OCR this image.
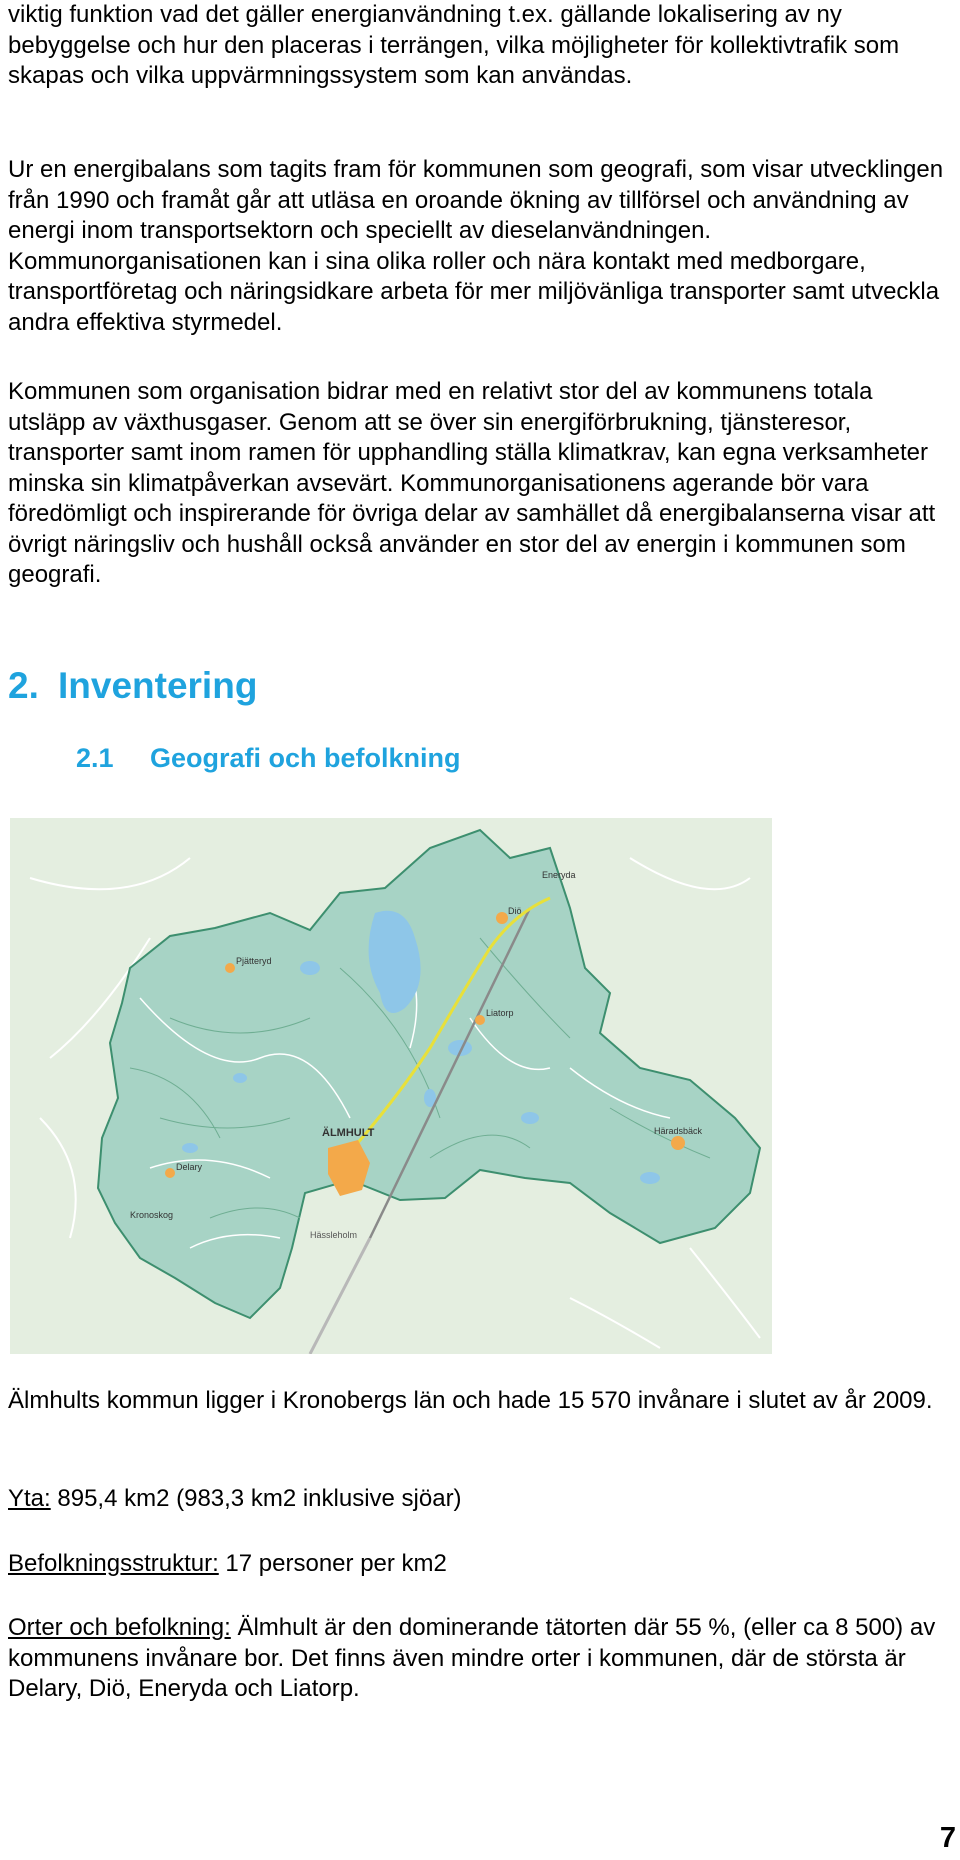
viktig funktion vad det gäller energianvändning t.ex. gällande lokalisering av ny bebyggelse och hur den placeras i terrängen, vilka möjligheter för kollektivtrafik som skapas och vilka uppvärmningssystem som kan användas.

Ur en energibalans som tagits fram för kommunen som geografi, som visar utvecklingen från 1990 och framåt går att utläsa en oroande ökning av tillförsel och användning av energi inom transportsektorn och speciellt av dieselanvändningen. Kommunorganisationen kan i sina olika roller och nära kontakt med medborgare, transportföretag och näringsidkare arbeta för mer miljövänliga transporter samt utveckla andra effektiva styrmedel.

Kommunen som organisation bidrar med en relativt stor del av kommunens totala utsläpp av växthusgaser. Genom att se över sin energiförbrukning, tjänsteresor, transporter samt inom ramen för upphandling ställa klimatkrav, kan egna verksamheter minska sin klimatpåverkan avsevärt. Kommunorganisationens agerande bör vara föredömligt och inspirerande för övriga delar av samhället då energibalanserna visar att övrigt näringsliv och hushåll också använder en stor del av energin i kommunen som geografi.

2. Inventering
2.1 Geografi och befolkning
ÄLMHULT
Pjätteryd
Delary
Liatorp
Diö
Häradsbäck
Hässleholm
Eneryda
Kronoskog

Älmhults kommun ligger i Kronobergs län och hade 15 570 invånare i slutet av år 2009.

Yta: 895,4 km2 (983,3 km2 inklusive sjöar)

Befolkningsstruktur: 17 personer per km2

Orter och befolkning: Älmhult är den dominerande tätorten där 55 %, (eller ca 8 500) av kommunens invånare bor. Det finns även mindre orter i kommunen, där de största är Delary, Diö, Eneryda och Liatorp.

7
